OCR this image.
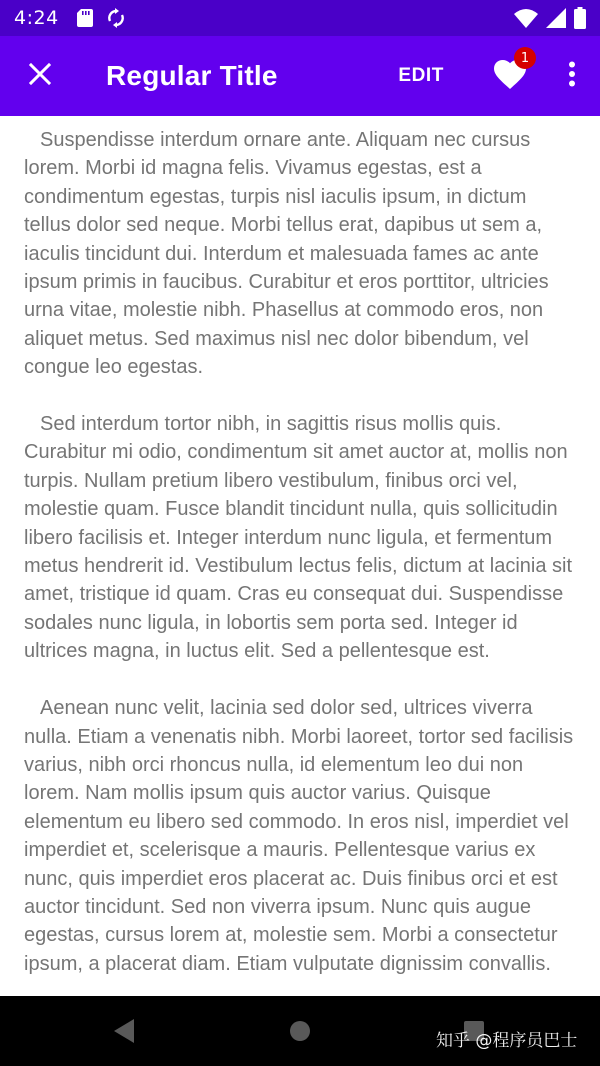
4:24
Regular Title	EDIT
1

Suspendisse interdum ornare ante. Aliquam nec cursus lorem. Morbi id magna felis. Vivamus egestas, est a condimentum egestas, turpis nisl iaculis ipsum, in dictum tellus dolor sed neque. Morbi tellus erat, dapibus ut sem a, iaculis tincidunt dui. Interdum et malesuada fames ac ante ipsum primis in faucibus. Curabitur et eros porttitor, ultricies urna vitae, molestie nibh. Phasellus at commodo eros, non aliquet metus. Sed maximus nisl nec dolor bibendum, vel congue leo egestas.

Sed interdum tortor nibh, in sagittis risus mollis quis. Curabitur mi odio, condimentum sit amet auctor at, mollis non turpis. Nullam pretium libero vestibulum, finibus orci vel, molestie quam. Fusce blandit tincidunt nulla, quis sollicitudin libero facilisis et. Integer interdum nunc ligula, et fermentum metus hendrerit id. Vestibulum lectus felis, dictum at lacinia sit amet, tristique id quam. Cras eu consequat dui. Suspendisse sodales nunc ligula, in lobortis sem porta sed. Integer id ultrices magna, in luctus elit. Sed a pellentesque est.

Aenean nunc velit, lacinia sed dolor sed, ultrices viverra nulla. Etiam a venenatis nibh. Morbi laoreet, tortor sed facilisis varius, nibh orci rhoncus nulla, id elementum leo dui non lorem. Nam mollis ipsum quis auctor varius. Quisque elementum eu libero sed commodo. In eros nisl, imperdiet vel imperdiet et, scelerisque a mauris. Pellentesque varius ex nunc, quis imperdiet eros placerat ac. Duis finibus orci et est auctor tincidunt. Sed non viverra ipsum. Nunc quis augue egestas, cursus lorem at, molestie sem. Morbi a consectetur ipsum, a placerat diam. Etiam vulputate dignissim convallis.

知乎 @程序员巴士
